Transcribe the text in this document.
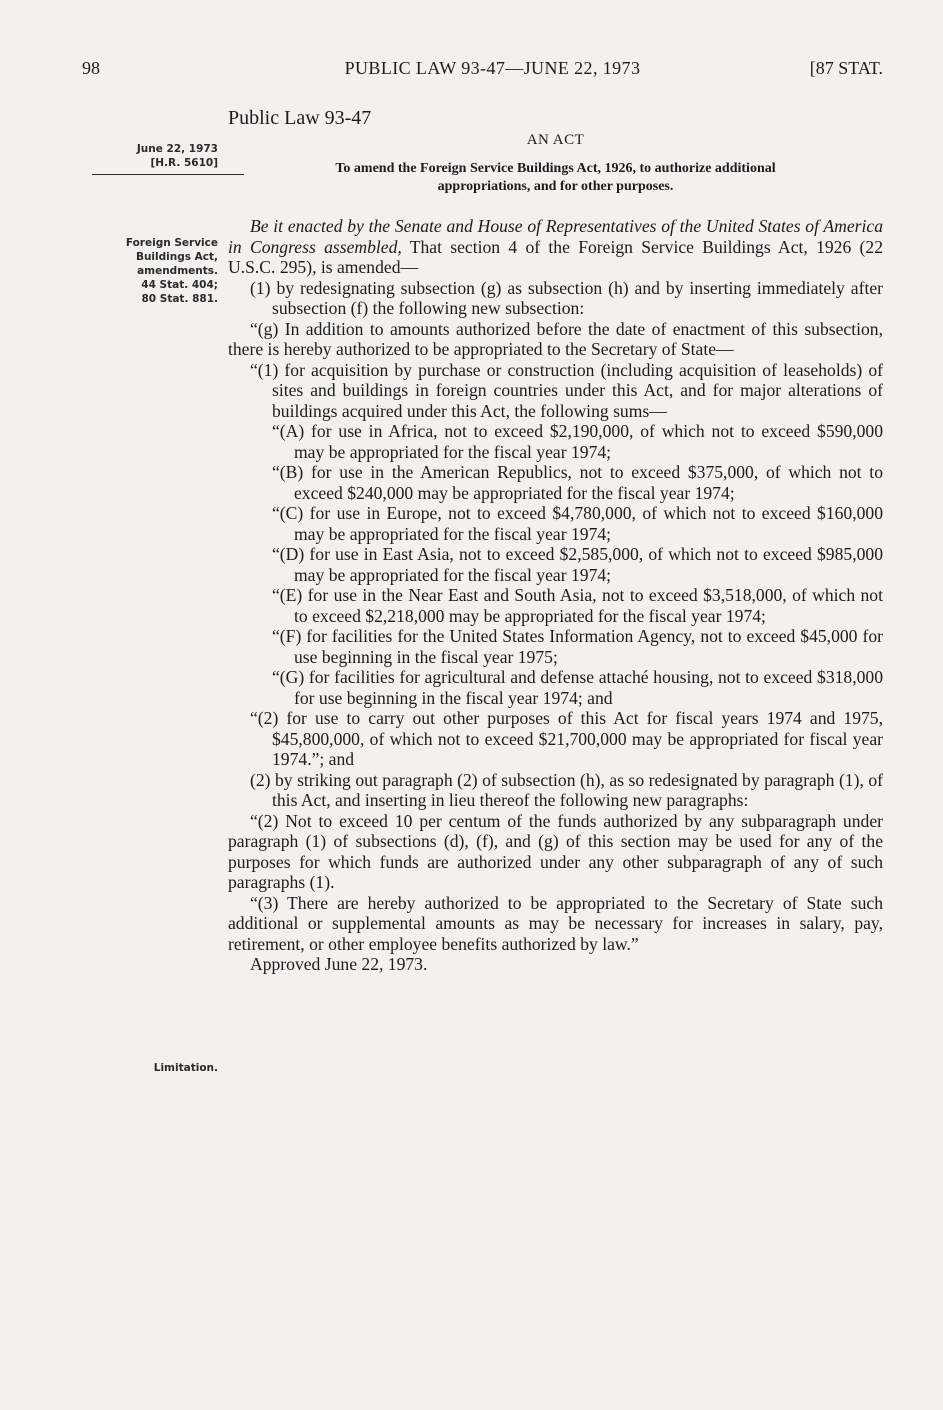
98	PUBLIC LAW 93-47—JUNE 22, 1973	[87 STAT.
June 22, 1973
[H.R. 5610]
Foreign Service
Buildings Act,
amendments.
44 Stat. 404;
80 Stat. 881.
Limitation.
Public Law 93-47
AN ACT
To amend the Foreign Service Buildings Act, 1926, to authorize additional
appropriations, and for other purposes.

Be it enacted by the Senate and House of Representatives of the United States of America in Congress assembled, That section 4 of the Foreign Service Buildings Act, 1926 (22 U.S.C. 295), is amended—

(1) by redesignating subsection (g) as subsection (h) and by inserting immediately after subsection (f) the following new subsection:

“(g) In addition to amounts authorized before the date of enactment of this subsection, there is hereby authorized to be appropriated to the Secretary of State—

“(1) for acquisition by purchase or construction (including acquisition of leaseholds) of sites and buildings in foreign countries under this Act, and for major alterations of buildings acquired under this Act, the following sums—

“(A) for use in Africa, not to exceed $2,190,000, of which not to exceed $590,000 may be appropriated for the fiscal year 1974;

“(B) for use in the American Republics, not to exceed $375,000, of which not to exceed $240,000 may be appropriated for the fiscal year 1974;

“(C) for use in Europe, not to exceed $4,780,000, of which not to exceed $160,000 may be appropriated for the fiscal year 1974;

“(D) for use in East Asia, not to exceed $2,585,000, of which not to exceed $985,000 may be appropriated for the fiscal year 1974;

“(E) for use in the Near East and South Asia, not to exceed $3,518,000, of which not to exceed $2,218,000 may be appropriated for the fiscal year 1974;

“(F) for facilities for the United States Information Agency, not to exceed $45,000 for use beginning in the fiscal year 1975;

“(G) for facilities for agricultural and defense attaché housing, not to exceed $318,000 for use beginning in the fiscal year 1974; and

“(2) for use to carry out other purposes of this Act for fiscal years 1974 and 1975, $45,800,000, of which not to exceed $21,700,000 may be appropriated for fiscal year 1974.”; and

(2) by striking out paragraph (2) of subsection (h), as so redesignated by paragraph (1), of this Act, and inserting in lieu thereof the following new paragraphs:

“(2) Not to exceed 10 per centum of the funds authorized by any subparagraph under paragraph (1) of subsections (d), (f), and (g) of this section may be used for any of the purposes for which funds are authorized under any other subparagraph of any of such paragraphs (1).

“(3) There are hereby authorized to be appropriated to the Secretary of State such additional or supplemental amounts as may be necessary for increases in salary, pay, retirement, or other employee benefits authorized by law.”

Approved June 22, 1973.
